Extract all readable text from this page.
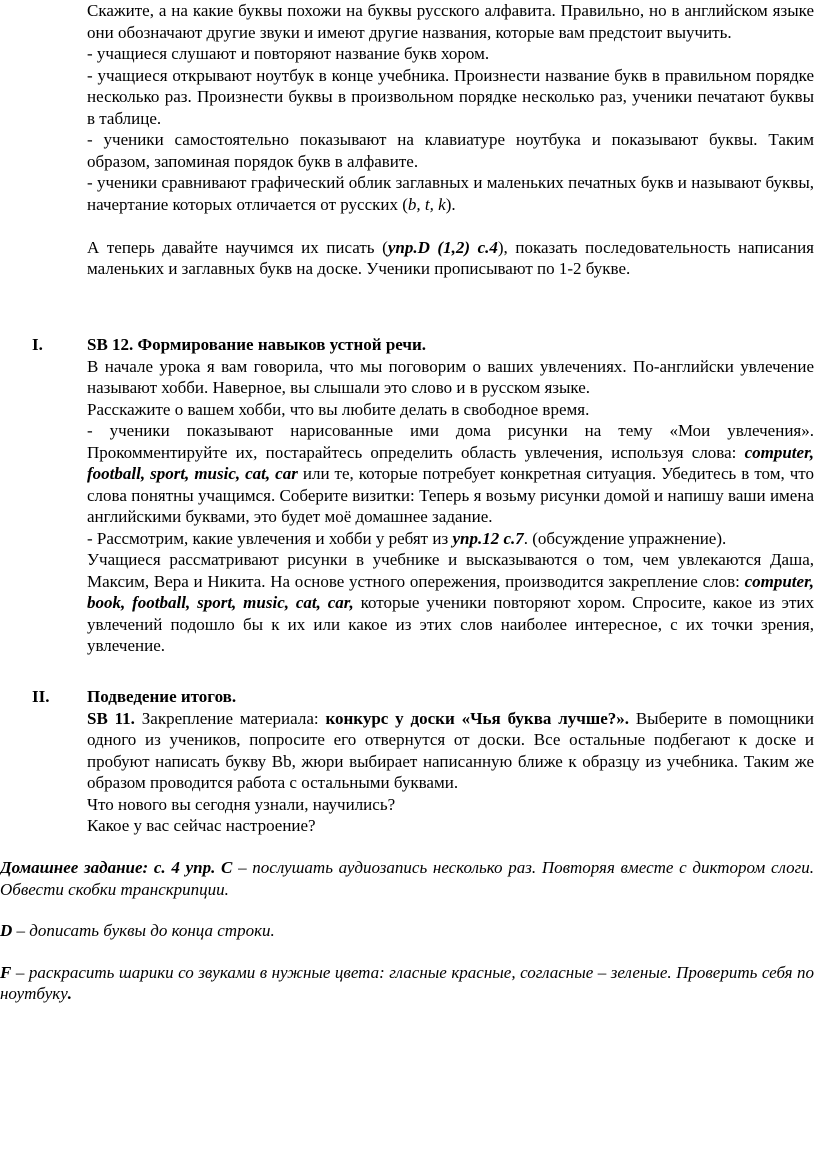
Скажите, а на какие буквы похожи на буквы русского алфавита. Правильно, но в английском языке они обозначают другие звуки и имеют другие названия, которые вам предстоит выучить.

- учащиеся слушают и повторяют название букв хором.

- учащиеся открывают ноутбук в конце учебника. Произнести название букв в правильном порядке несколько раз. Произнести буквы в произвольном порядке несколько раз, ученики печатают буквы в таблице.

- ученики самостоятельно показывают на клавиатуре ноутбука и показывают буквы. Таким образом, запоминая порядок букв в алфавите.

- ученики сравнивают графический облик заглавных и маленьких печатных букв и называют буквы, начертание которых отличается от русских (b, t, k).

А теперь давайте научимся их писать (упр.D (1,2) с.4), показать последовательность написания маленьких и заглавных букв на доске. Ученики прописывают по 1-2 букве.

I.	SB 12. Формирование навыков устной речи.

В начале урока я вам говорила, что мы поговорим о ваших увлечениях. По-английски увлечение называют хобби. Наверное, вы слышали это слово и в русском языке.

Расскажите о вашем хобби, что вы любите делать в свободное время.

- ученики показывают нарисованные ими дома рисунки на тему «Мои увлечения». Прокомментируйте их, постарайтесь определить область увлечения, используя слова: computer, football, sport, music, cat, car или те, которые потребует конкретная ситуация. Убедитесь в том, что слова понятны учащимся. Соберите визитки: Теперь я возьму рисунки домой и напишу ваши имена английскими буквами, это будет моё домашнее задание.

- Рассмотрим, какие увлечения и хобби у ребят из упр.12 с.7. (обсуждение упражнение).

Учащиеся рассматривают рисунки в учебнике и высказываются о том, чем увлекаются Даша, Максим, Вера и Никита. На основе устного опережения, производится закрепление слов: computer, book, football, sport, music, cat, car, которые ученики повторяют хором. Спросите, какое из этих увлечений подошло бы к их или какое из этих слов наиболее интересное, с их точки зрения, увлечение.

II. Подведение итогов.

SB 11. Закрепление материала: конкурс у доски «Чья буква лучше?». Выберите в помощники одного из учеников, попросите его отвернутся от доски. Все остальные подбегают к доске и пробуют написать букву Bb, жюри выбирает написанную ближе к образцу из учебника. Таким же образом проводится работа с остальными буквами.

Что нового вы сегодня узнали, научились?

Какое у вас сейчас настроение?

Домашнее задание: с. 4 упр. С – послушать аудиозапись несколько раз. Повторяя вместе с диктором слоги. Обвести скобки транскрипции.

D – дописать буквы до конца строки.

F – раскрасить шарики со звуками в нужные цвета: гласные красные, согласные – зеленые. Проверить себя по ноутбуку.
